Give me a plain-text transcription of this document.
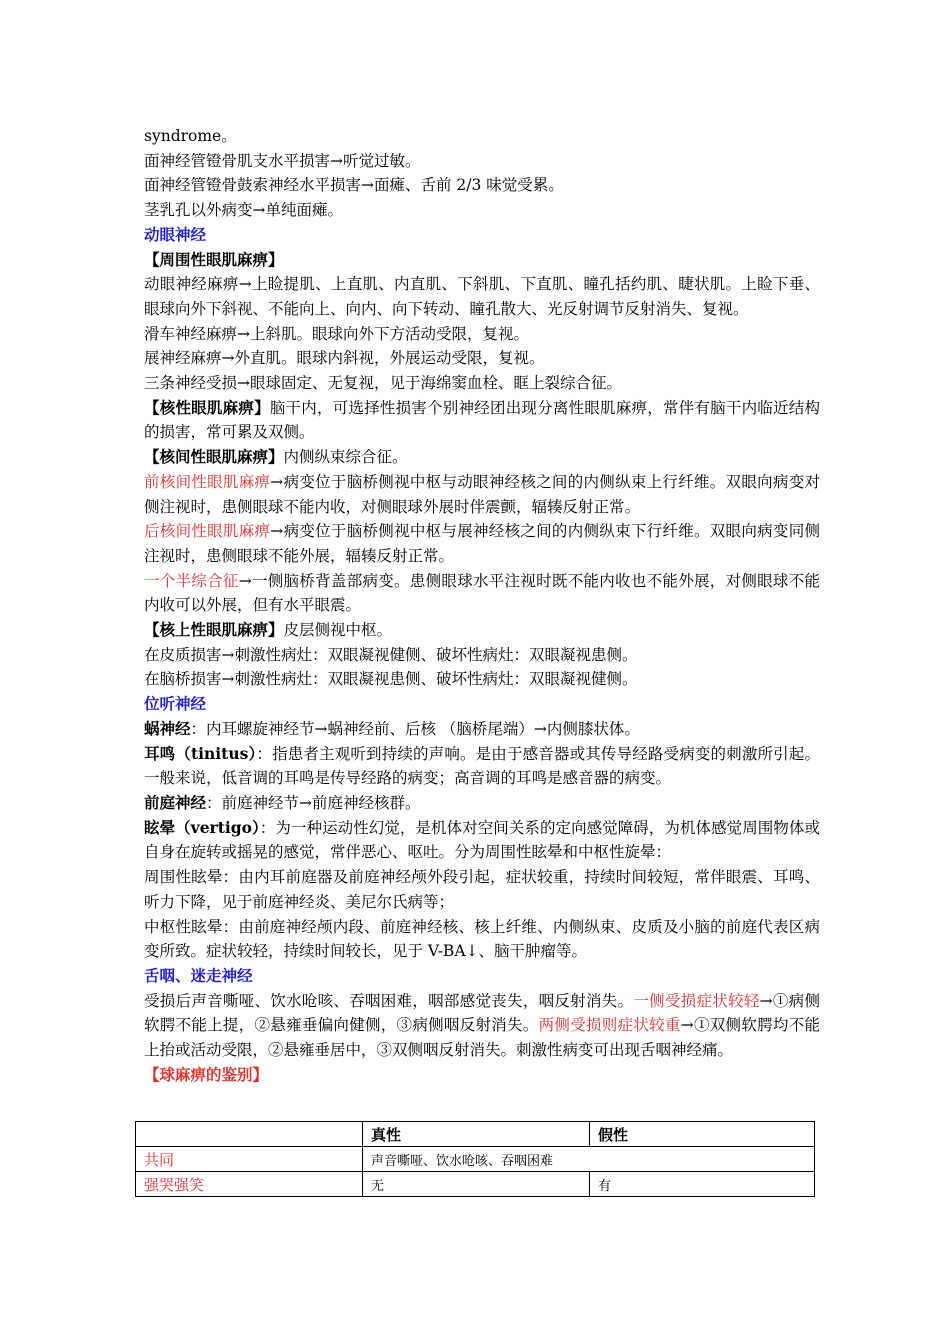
syndrome。

面神经管镫骨肌支水平损害→听觉过敏。

面神经管镫骨鼓索神经水平损害→面瘫、舌前 2/3 味觉受累。

茎乳孔以外病变→单纯面瘫。

动眼神经

【周围性眼肌麻痹】

动眼神经麻痹→上睑提肌、上直肌、内直肌、下斜肌、下直肌、瞳孔括约肌、睫状肌。上睑下垂、眼球向外下斜视、不能向上、向内、向下转动、瞳孔散大、光反射调节反射消失、复视。

滑车神经麻痹→上斜肌。眼球向外下方活动受限，复视。

展神经麻痹→外直肌。眼球内斜视，外展运动受限，复视。

三条神经受损→眼球固定、无复视，见于海绵窦血栓、眶上裂综合征。

【核性眼肌麻痹】脑干内，可选择性损害个别神经团出现分离性眼肌麻痹，常伴有脑干内临近结构的损害，常可累及双侧。

【核间性眼肌麻痹】内侧纵束综合征。

前核间性眼肌麻痹→病变位于脑桥侧视中枢与动眼神经核之间的内侧纵束上行纤维。双眼向病变对侧注视时，患侧眼球不能内收，对侧眼球外展时伴震颤，辐辏反射正常。

后核间性眼肌麻痹→病变位于脑桥侧视中枢与展神经核之间的内侧纵束下行纤维。双眼向病变同侧注视时，患侧眼球不能外展，辐辏反射正常。

一个半综合征→一侧脑桥背盖部病变。患侧眼球水平注视时既不能内收也不能外展，对侧眼球不能内收可以外展，但有水平眼震。

【核上性眼肌麻痹】皮层侧视中枢。

在皮质损害→刺激性病灶：双眼凝视健侧、破坏性病灶：双眼凝视患侧。

在脑桥损害→刺激性病灶：双眼凝视患侧、破坏性病灶：双眼凝视健侧。

位听神经

蜗神经：内耳螺旋神经节→蜗神经前、后核 （脑桥尾端）→内侧膝状体。

耳鸣（tinitus）：指患者主观听到持续的声响。是由于感音器或其传导经路受病变的刺激所引起。一般来说，低音调的耳鸣是传导经路的病变；高音调的耳鸣是感音器的病变。

前庭神经：前庭神经节→前庭神经核群。

眩晕（vertigo）：为一种运动性幻觉，是机体对空间关系的定向感觉障碍，为机体感觉周围物体或自身在旋转或摇晃的感觉，常伴恶心、呕吐。分为周围性眩晕和中枢性旋晕：

周围性眩晕：由内耳前庭器及前庭神经颅外段引起，症状较重，持续时间较短，常伴眼震、耳鸣、听力下降，见于前庭神经炎、美尼尔氏病等；

中枢性眩晕：由前庭神经颅内段、前庭神经核、核上纤维、内侧纵束、皮质及小脑的前庭代表区病变所致。症状较轻，持续时间较长，见于 V-BA↓、脑干肿瘤等。

舌咽、迷走神经

受损后声音嘶哑、饮水呛咳、吞咽困难，咽部感觉丧失，咽反射消失。一侧受损症状较轻→①病侧软腭不能上提，②悬雍垂偏向健侧，③病侧咽反射消失。两侧受损则症状较重→①双侧软腭均不能上抬或活动受限，②悬雍垂居中，③双侧咽反射消失。刺激性病变可出现舌咽神经痛。

【球麻痹的鉴别】

	真性	假性
共同	声音嘶哑、饮水呛咳、吞咽困难	
强哭强笑	无	有
